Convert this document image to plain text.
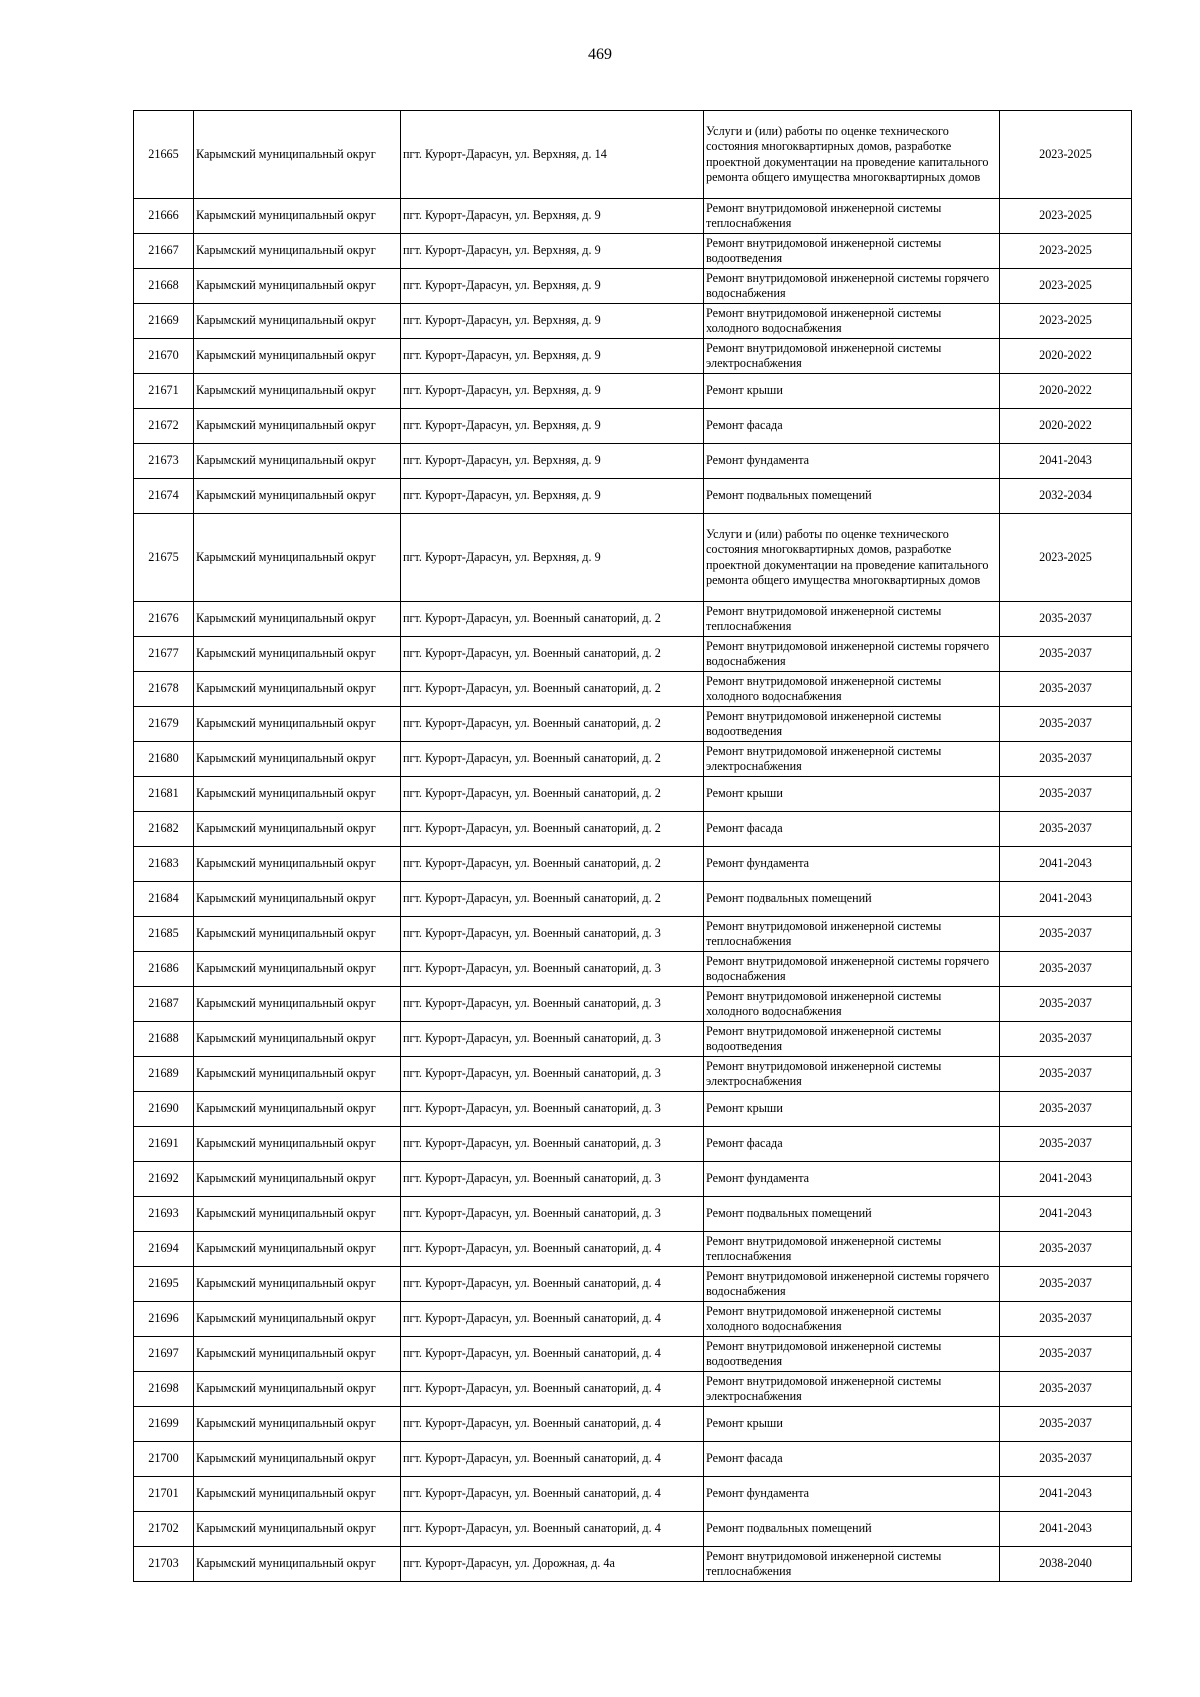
469
21665	Карымский муниципальный округ	пгт. Курорт-Дарасун, ул. Верхняя, д. 14	Услуги и (или) работы по оценке технического состояния многоквартирных домов, разработке проектной документации на проведение капитального ремонта общего имущества многоквартирных домов	2023-2025
21666	Карымский муниципальный округ	пгт. Курорт-Дарасун, ул. Верхняя, д. 9	Ремонт внутридомовой инженерной системы теплоснабжения	2023-2025
21667	Карымский муниципальный округ	пгт. Курорт-Дарасун, ул. Верхняя, д. 9	Ремонт внутридомовой инженерной системы водоотведения	2023-2025
21668	Карымский муниципальный округ	пгт. Курорт-Дарасун, ул. Верхняя, д. 9	Ремонт внутридомовой инженерной системы горячего водоснабжения	2023-2025
21669	Карымский муниципальный округ	пгт. Курорт-Дарасун, ул. Верхняя, д. 9	Ремонт внутридомовой инженерной системы холодного водоснабжения	2023-2025
21670	Карымский муниципальный округ	пгт. Курорт-Дарасун, ул. Верхняя, д. 9	Ремонт внутридомовой инженерной системы электроснабжения	2020-2022
21671	Карымский муниципальный округ	пгт. Курорт-Дарасун, ул. Верхняя, д. 9	Ремонт крыши	2020-2022
21672	Карымский муниципальный округ	пгт. Курорт-Дарасун, ул. Верхняя, д. 9	Ремонт фасада	2020-2022
21673	Карымский муниципальный округ	пгт. Курорт-Дарасун, ул. Верхняя, д. 9	Ремонт фундамента	2041-2043
21674	Карымский муниципальный округ	пгт. Курорт-Дарасун, ул. Верхняя, д. 9	Ремонт подвальных помещений	2032-2034
21675	Карымский муниципальный округ	пгт. Курорт-Дарасун, ул. Верхняя, д. 9	Услуги и (или) работы по оценке технического состояния многоквартирных домов, разработке проектной документации на проведение капитального ремонта общего имущества многоквартирных домов	2023-2025
21676	Карымский муниципальный округ	пгт. Курорт-Дарасун, ул. Военный санаторий, д. 2	Ремонт внутридомовой инженерной системы теплоснабжения	2035-2037
21677	Карымский муниципальный округ	пгт. Курорт-Дарасун, ул. Военный санаторий, д. 2	Ремонт внутридомовой инженерной системы горячего водоснабжения	2035-2037
21678	Карымский муниципальный округ	пгт. Курорт-Дарасун, ул. Военный санаторий, д. 2	Ремонт внутридомовой инженерной системы холодного водоснабжения	2035-2037
21679	Карымский муниципальный округ	пгт. Курорт-Дарасун, ул. Военный санаторий, д. 2	Ремонт внутридомовой инженерной системы водоотведения	2035-2037
21680	Карымский муниципальный округ	пгт. Курорт-Дарасун, ул. Военный санаторий, д. 2	Ремонт внутридомовой инженерной системы электроснабжения	2035-2037
21681	Карымский муниципальный округ	пгт. Курорт-Дарасун, ул. Военный санаторий, д. 2	Ремонт крыши	2035-2037
21682	Карымский муниципальный округ	пгт. Курорт-Дарасун, ул. Военный санаторий, д. 2	Ремонт фасада	2035-2037
21683	Карымский муниципальный округ	пгт. Курорт-Дарасун, ул. Военный санаторий, д. 2	Ремонт фундамента	2041-2043
21684	Карымский муниципальный округ	пгт. Курорт-Дарасун, ул. Военный санаторий, д. 2	Ремонт подвальных помещений	2041-2043
21685	Карымский муниципальный округ	пгт. Курорт-Дарасун, ул. Военный санаторий, д. 3	Ремонт внутридомовой инженерной системы теплоснабжения	2035-2037
21686	Карымский муниципальный округ	пгт. Курорт-Дарасун, ул. Военный санаторий, д. 3	Ремонт внутридомовой инженерной системы горячего водоснабжения	2035-2037
21687	Карымский муниципальный округ	пгт. Курорт-Дарасун, ул. Военный санаторий, д. 3	Ремонт внутридомовой инженерной системы холодного водоснабжения	2035-2037
21688	Карымский муниципальный округ	пгт. Курорт-Дарасун, ул. Военный санаторий, д. 3	Ремонт внутридомовой инженерной системы водоотведения	2035-2037
21689	Карымский муниципальный округ	пгт. Курорт-Дарасун, ул. Военный санаторий, д. 3	Ремонт внутридомовой инженерной системы электроснабжения	2035-2037
21690	Карымский муниципальный округ	пгт. Курорт-Дарасун, ул. Военный санаторий, д. 3	Ремонт крыши	2035-2037
21691	Карымский муниципальный округ	пгт. Курорт-Дарасун, ул. Военный санаторий, д. 3	Ремонт фасада	2035-2037
21692	Карымский муниципальный округ	пгт. Курорт-Дарасун, ул. Военный санаторий, д. 3	Ремонт фундамента	2041-2043
21693	Карымский муниципальный округ	пгт. Курорт-Дарасун, ул. Военный санаторий, д. 3	Ремонт подвальных помещений	2041-2043
21694	Карымский муниципальный округ	пгт. Курорт-Дарасун, ул. Военный санаторий, д. 4	Ремонт внутридомовой инженерной системы теплоснабжения	2035-2037
21695	Карымский муниципальный округ	пгт. Курорт-Дарасун, ул. Военный санаторий, д. 4	Ремонт внутридомовой инженерной системы горячего водоснабжения	2035-2037
21696	Карымский муниципальный округ	пгт. Курорт-Дарасун, ул. Военный санаторий, д. 4	Ремонт внутридомовой инженерной системы холодного водоснабжения	2035-2037
21697	Карымский муниципальный округ	пгт. Курорт-Дарасун, ул. Военный санаторий, д. 4	Ремонт внутридомовой инженерной системы водоотведения	2035-2037
21698	Карымский муниципальный округ	пгт. Курорт-Дарасун, ул. Военный санаторий, д. 4	Ремонт внутридомовой инженерной системы электроснабжения	2035-2037
21699	Карымский муниципальный округ	пгт. Курорт-Дарасун, ул. Военный санаторий, д. 4	Ремонт крыши	2035-2037
21700	Карымский муниципальный округ	пгт. Курорт-Дарасун, ул. Военный санаторий, д. 4	Ремонт фасада	2035-2037
21701	Карымский муниципальный округ	пгт. Курорт-Дарасун, ул. Военный санаторий, д. 4	Ремонт фундамента	2041-2043
21702	Карымский муниципальный округ	пгт. Курорт-Дарасун, ул. Военный санаторий, д. 4	Ремонт подвальных помещений	2041-2043
21703	Карымский муниципальный округ	пгт. Курорт-Дарасун, ул. Дорожная, д. 4а	Ремонт внутридомовой инженерной системы теплоснабжения	2038-2040
